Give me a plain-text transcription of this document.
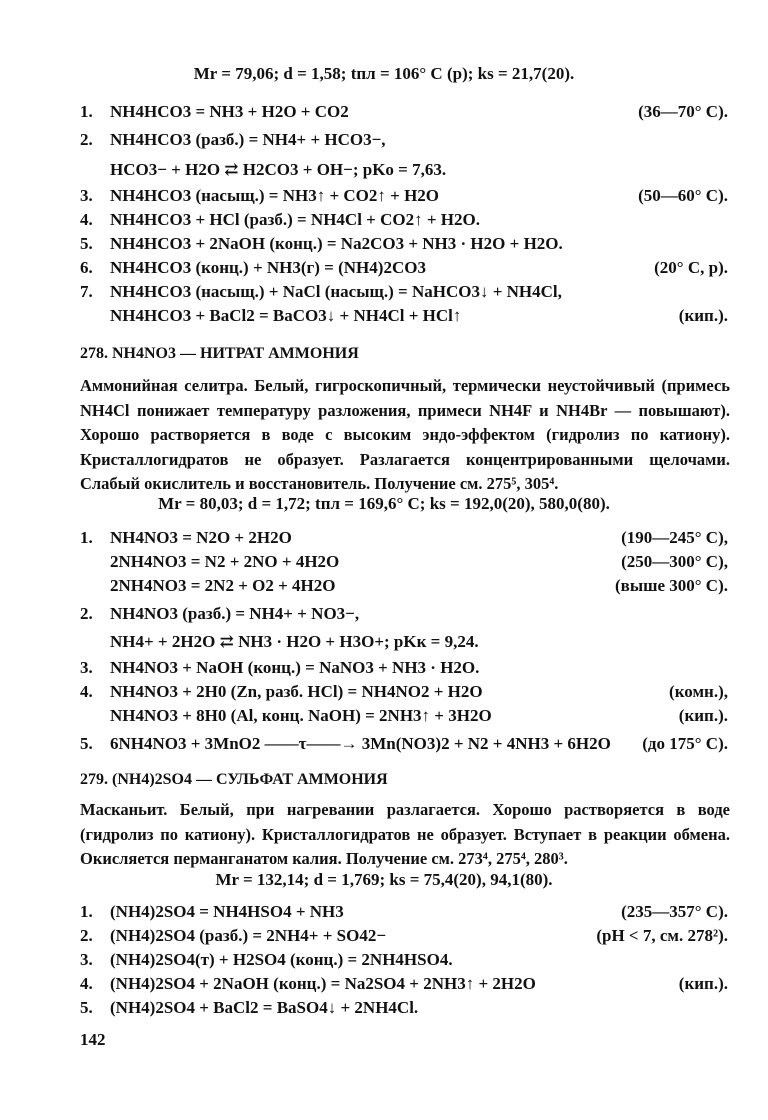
Mr = 79,06; d = 1,58; tпл = 106° C (р); ks = 21,7(20).
1. NH4HCO3 = NH3 + H2O + CO2	(36—70° C).
2. NH4HCO3 (разб.) = NH4+ + HCO3−,
HCO3− + H2O ⇄ H2CO3 + OH−; pKo = 7,63.
3. NH4HCO3 (насыщ.) = NH3↑ + CO2↑ + H2O	(50—60° C).
4. NH4HCO3 + HCl (разб.) = NH4Cl + CO2↑ + H2O.
5. NH4HCO3 + 2NaOH (конц.) = Na2CO3 + NH3 · H2O + H2O.
6. NH4HCO3 (конц.) + NH3(г) = (NH4)2CO3	(20° C, р).
7. NH4HCO3 (насыщ.) + NaCl (насыщ.) = NaHCO3↓ + NH4Cl,
NH4HCO3 + BaCl2 = BaCO3↓ + NH4Cl + HCl↑	(кип.).
278. NH4NO3 — НИТРАТ АММОНИЯ

Аммонийная селитра. Белый, гигроскопичный, термически неустойчивый (примесь NH4Cl понижает температуру разложения, примеси NH4F и NH4Br — повышают). Хорошо растворяется в воде с высоким эндо-эффектом (гидролиз по катиону). Кристаллогидратов не образует. Разлагается концентрированными щелочами. Слабый окислитель и восстановитель. Получение см. 275⁵, 305⁴.

Mr = 80,03; d = 1,72; tпл = 169,6° C; ks = 192,0(20), 580,0(80).
1. NH4NO3 = N2O + 2H2O	(190—245° C),
2NH4NO3 = N2 + 2NO + 4H2O	(250—300° C),
2NH4NO3 = 2N2 + O2 + 4H2O	(выше 300° C).
2. NH4NO3 (разб.) = NH4+ + NO3−,
NH4+ + 2H2O ⇄ NH3 · H2O + H3O+; pKк = 9,24.
3. NH4NO3 + NaOH (конц.) = NaNO3 + NH3 · H2O.
4. NH4NO3 + 2H0 (Zn, разб. HCl) = NH4NO2 + H2O	(комн.),
NH4NO3 + 8H0 (Al, конц. NaOH) = 2NH3↑ + 3H2O	(кип.).
5. 6NH4NO3 + 3MnO2 ——τ——→ 3Mn(NO3)2 + N2 + 4NH3 + 6H2O (до 175° C).
279. (NH4)2SO4 — СУЛЬФАТ АММОНИЯ

Масканьит. Белый, при нагревании разлагается. Хорошо растворяется в воде (гидролиз по катиону). Кристаллогидратов не образует. Вступает в реакции обмена. Окисляется перманганатом калия. Получение см. 273⁴, 275⁴, 280³.

Mr = 132,14; d = 1,769; ks = 75,4(20), 94,1(80).
1. (NH4)2SO4 = NH4HSO4 + NH3	(235—357° C).
2. (NH4)2SO4 (разб.) = 2NH4+ + SO42−	(pH < 7, см. 278²).
3. (NH4)2SO4(т) + H2SO4 (конц.) = 2NH4HSO4.
4. (NH4)2SO4 + 2NaOH (конц.) = Na2SO4 + 2NH3↑ + 2H2O	(кип.).
5. (NH4)2SO4 + BaCl2 = BaSO4↓ + 2NH4Cl.
142
